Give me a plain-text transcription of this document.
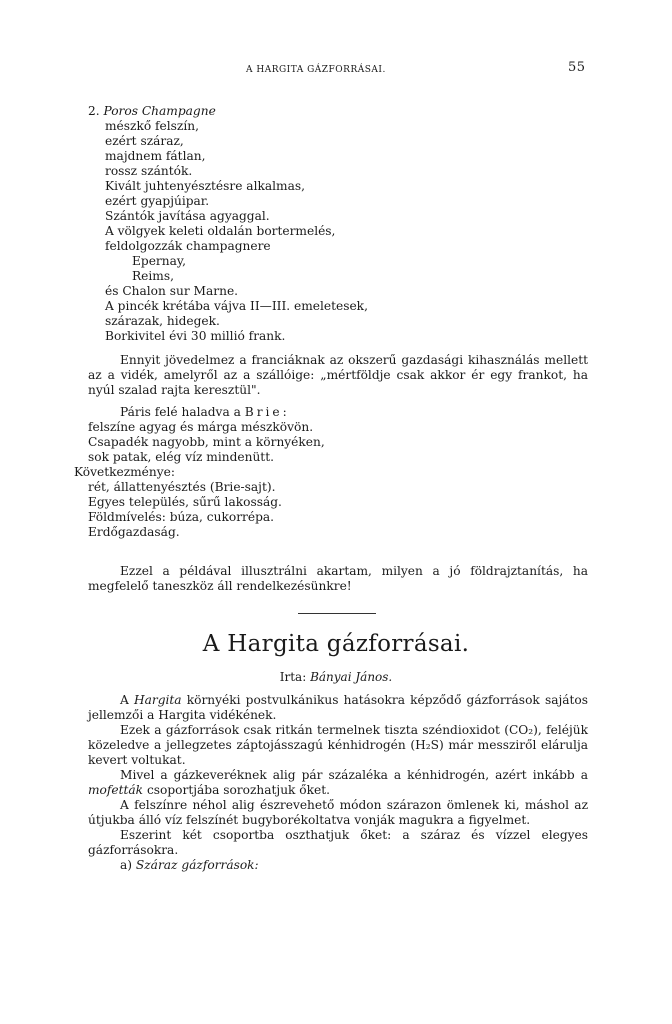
A HARGITA GÁZFORRÁSAI.	55
2. Poros Champagne
mészkő felszín,
ezért száraz,
majdnem fátlan,
rossz szántók.
Kivált juhtenyésztésre alkalmas,
ezért gyapjúipar.
Szántók javítása agyaggal.
A völgyek keleti oldalán bortermelés,
feldolgozzák champagnere
Epernay,
Reims,
és Chalon sur Marne.
A pincék krétába vájva II—III. emeletesek,
szárazak, hidegek.
Borkivitel évi 30 millió frank.
Ennyit jövedelmez a franciáknak az okszerű gazdasági kihasználás mellett az a vidék, amelyről az a szállóige: „mértföldje csak akkor ér egy frankot, ha nyúl szalad rajta keresztül".
Páris felé haladva a Brie:
felszíne agyag és márga mészkövön.
Csapadék nagyobb, mint a környéken,
sok patak, elég víz mindenütt.
Következménye:
rét, állattenyésztés (Brie-sajt).
Egyes település, sűrű lakosság.
Földmívelés: búza, cukorrépa.
Erdőgazdaság.
Ezzel a példával illusztrálni akartam, milyen a jó földrajztanítás, ha megfelelő taneszköz áll rendelkezésünkre!
A Hargita gázforrásai.
Irta: Bányai János.
A Hargita környéki postvulkánikus hatásokra képződő gázforrások sajátos jellemzői a Hargita vidékének.
Ezek a gázforrások csak ritkán termelnek tiszta széndioxidot (CO₂), feléjük közeledve a jellegzetes záptojásszagú kénhidrogén (H₂S) már messziről elárulja kevert voltukat.
Mivel a gázkeveréknek alig pár százaléka a kénhidrogén, azért inkább a mofetták csoportjába sorozhatjuk őket.
A felszínre néhol alig észrevehető módon szárazon ömlenek ki, máshol az útjukba álló víz felszínét bugyborékoltatva vonják magukra a figyelmet.
Eszerint két csoportba oszthatjuk őket: a száraz és vízzel elegyes gázforrásokra.
a) Száraz gázforrások:
